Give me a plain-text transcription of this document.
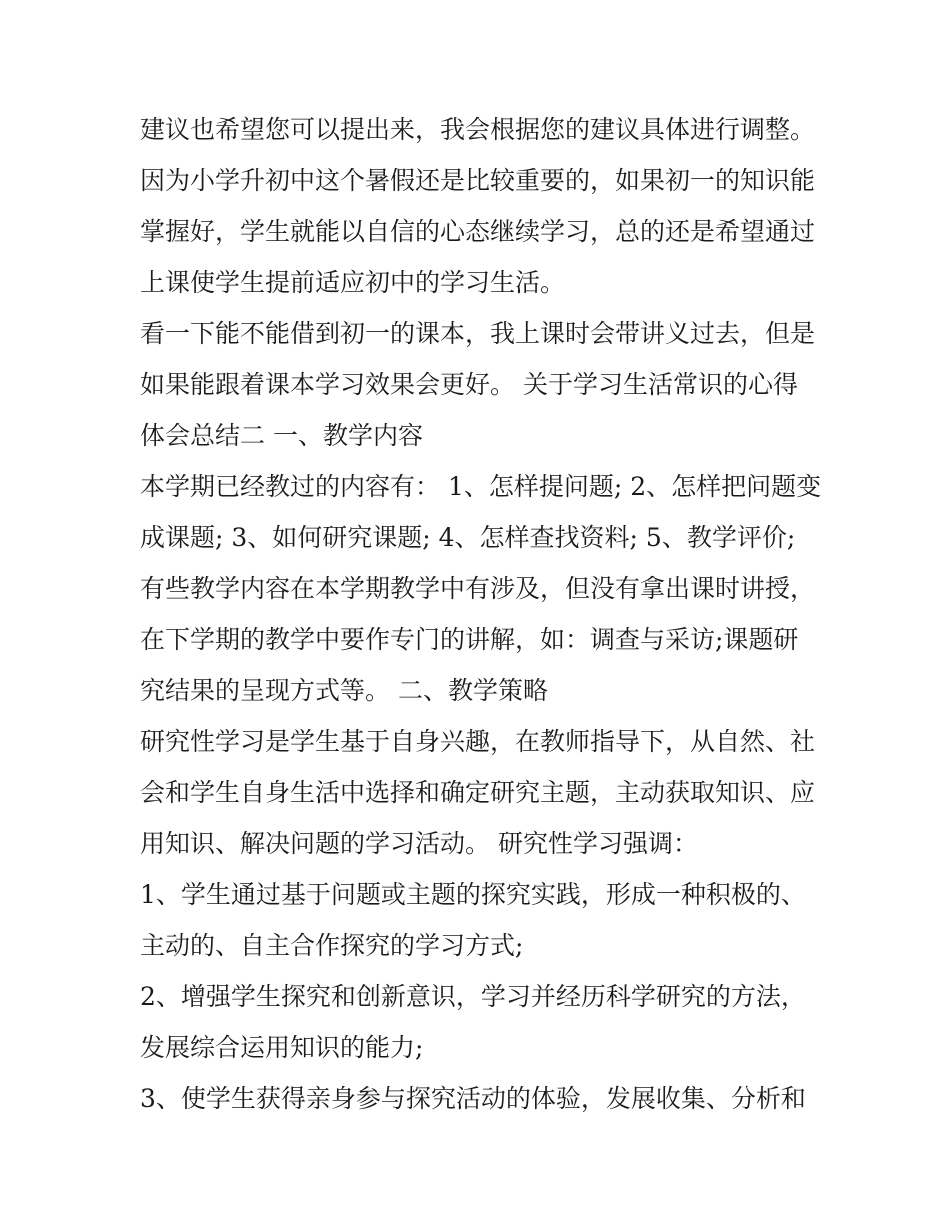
建议也希望您可以提出来，我会根据您的建议具体进行调整。
因为小学升初中这个暑假还是比较重要的，如果初一的知识能
掌握好，学生就能以自信的心态继续学习，总的还是希望通过
上课使学生提前适应初中的学习生活。
看一下能不能借到初一的课本，我上课时会带讲义过去，但是
如果能跟着课本学习效果会更好。 关于学习生活常识的心得
体会总结二 一、教学内容
本学期已经教过的内容有： 1、怎样提问题; 2、怎样把问题变
成课题; 3、如何研究课题; 4、怎样查找资料; 5、教学评价;
有些教学内容在本学期教学中有涉及，但没有拿出课时讲授，
在下学期的教学中要作专门的讲解，如：调查与采访;课题研
究结果的呈现方式等。 二、教学策略
研究性学习是学生基于自身兴趣，在教师指导下，从自然、社
会和学生自身生活中选择和确定研究主题，主动获取知识、应
用知识、解决问题的学习活动。 研究性学习强调：
1、学生通过基于问题或主题的探究实践，形成一种积极的、
主动的、自主合作探究的学习方式;
2、增强学生探究和创新意识，学习并经历科学研究的方法，
发展综合运用知识的能力;
3、使学生获得亲身参与探究活动的体验，发展收集、分析和
